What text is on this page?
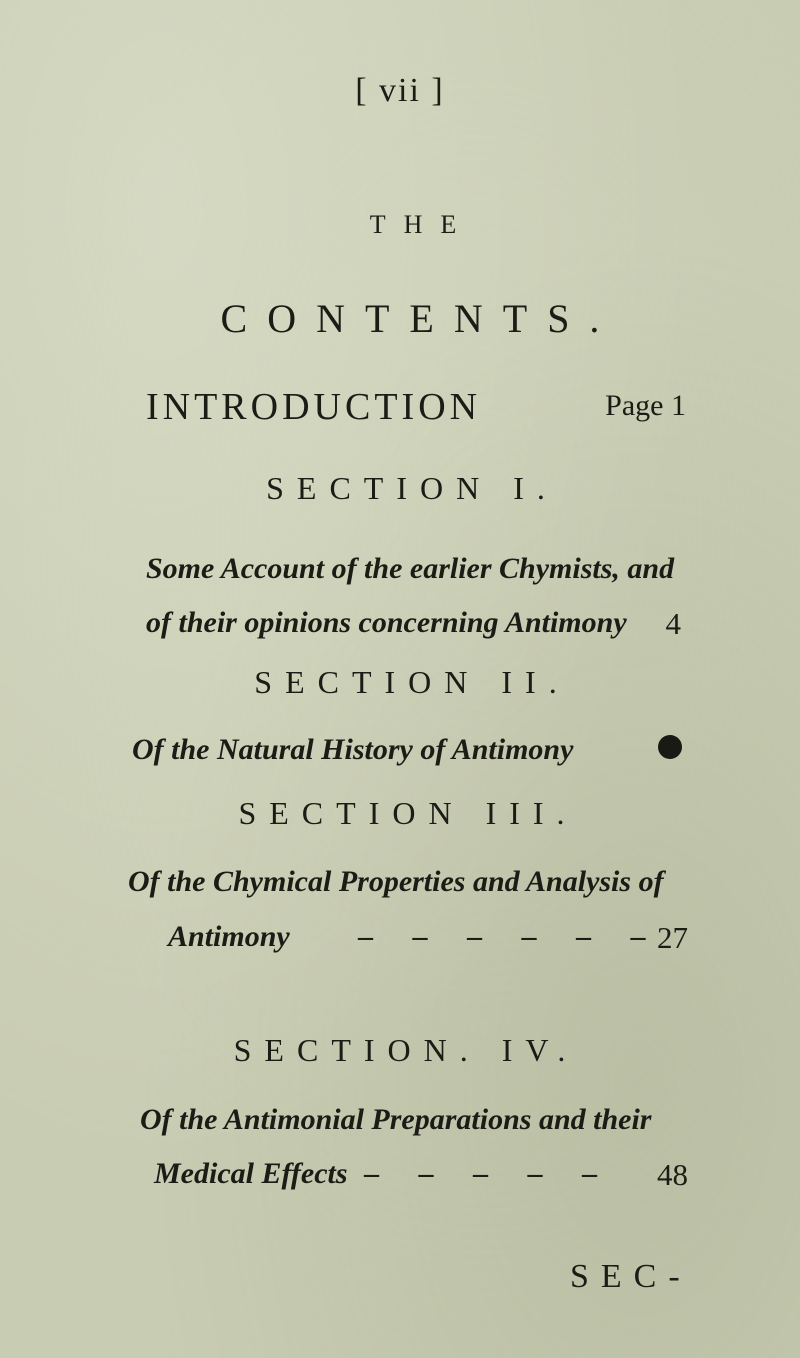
[ vii ]
THE
CONTENTS.
INTRODUCTION	Page 1
SECTION I.
Some Account of the earlier Chymists, and
of their opinions concerning Antimony 4
SECTION II.
Of the Natural History of Antimony
SECTION III.
Of the Chymical Properties and Analysis of
Antimony – – – – – –
27
SECTION. IV.
Of the Antimonial Preparations and their
Medical Effects – – – – – 48
SEC-
